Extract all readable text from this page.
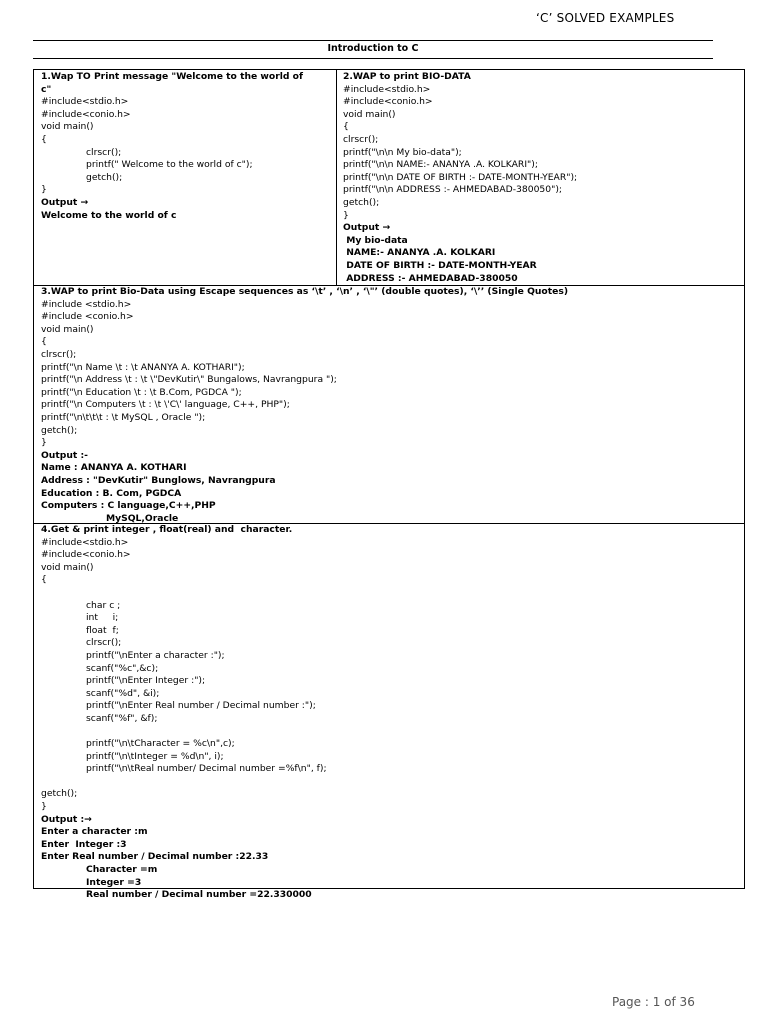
‘C’ SOLVED EXAMPLES
Introduction to C
1.Wap TO Print message "Welcome to the world of
c"
#include<stdio.h>
#include<conio.h>
void main()
{
clrscr();
printf(" Welcome to the world of c");
getch();
}
Output →
Welcome to the world of c
2.WAP to print BIO-DATA
#include<stdio.h>
#include<conio.h>
void main()
{
clrscr();
printf("\n\n My bio-data");
printf("\n\n NAME:- ANANYA .A. KOLKARI");
printf("\n\n DATE OF BIRTH :- DATE-MONTH-YEAR");
printf("\n\n ADDRESS :- AHMEDABAD-380050");
getch();
}
Output →
My bio-data
NAME:- ANANYA .A. KOLKARI
DATE OF BIRTH :- DATE-MONTH-YEAR
ADDRESS :- AHMEDABAD-380050
3.WAP to print Bio-Data using Escape sequences as ‘\t’ , ‘\n’ , ‘\"’ (double quotes), ‘\’’ (Single Quotes)
#include <stdio.h>
#include <conio.h>
void main()
{
clrscr();
printf("\n Name \t : \t ANANYA A. KOTHARI");
printf("\n Address \t : \t \"DevKutir\" Bungalows, Navrangpura ");
printf("\n Education \t : \t B.Com, PGDCA ");
printf("\n Computers \t : \t \'C\' language, C++, PHP");
printf("\n\t\t\t : \t MySQL , Oracle ");
getch();
}
Output :-
Name : ANANYA A. KOTHARI
Address : "DevKutir" Bunglows, Navrangpura
Education : B. Com, PGDCA
Computers : C language,C++,PHP
MySQL,Oracle
4.Get & print integer , float(real) and  character.
#include<stdio.h>
#include<conio.h>
void main()
{
char c ;
int     i;
float  f;
clrscr();
printf("\nEnter a character :");
scanf("%c",&c);
printf("\nEnter Integer :");
scanf("%d", &i);
printf("\nEnter Real number / Decimal number :");
scanf("%f", &f);
printf("\n\tCharacter = %c\n",c);
printf("\n\tInteger = %d\n", i);
printf("\n\tReal number/ Decimal number =%f\n", f);
getch();
}
Output :→
Enter a character :m
Enter  Integer :3
Enter Real number / Decimal number :22.33
Character =m
Integer =3
Real number / Decimal number =22.330000
Page : 1 of 36
